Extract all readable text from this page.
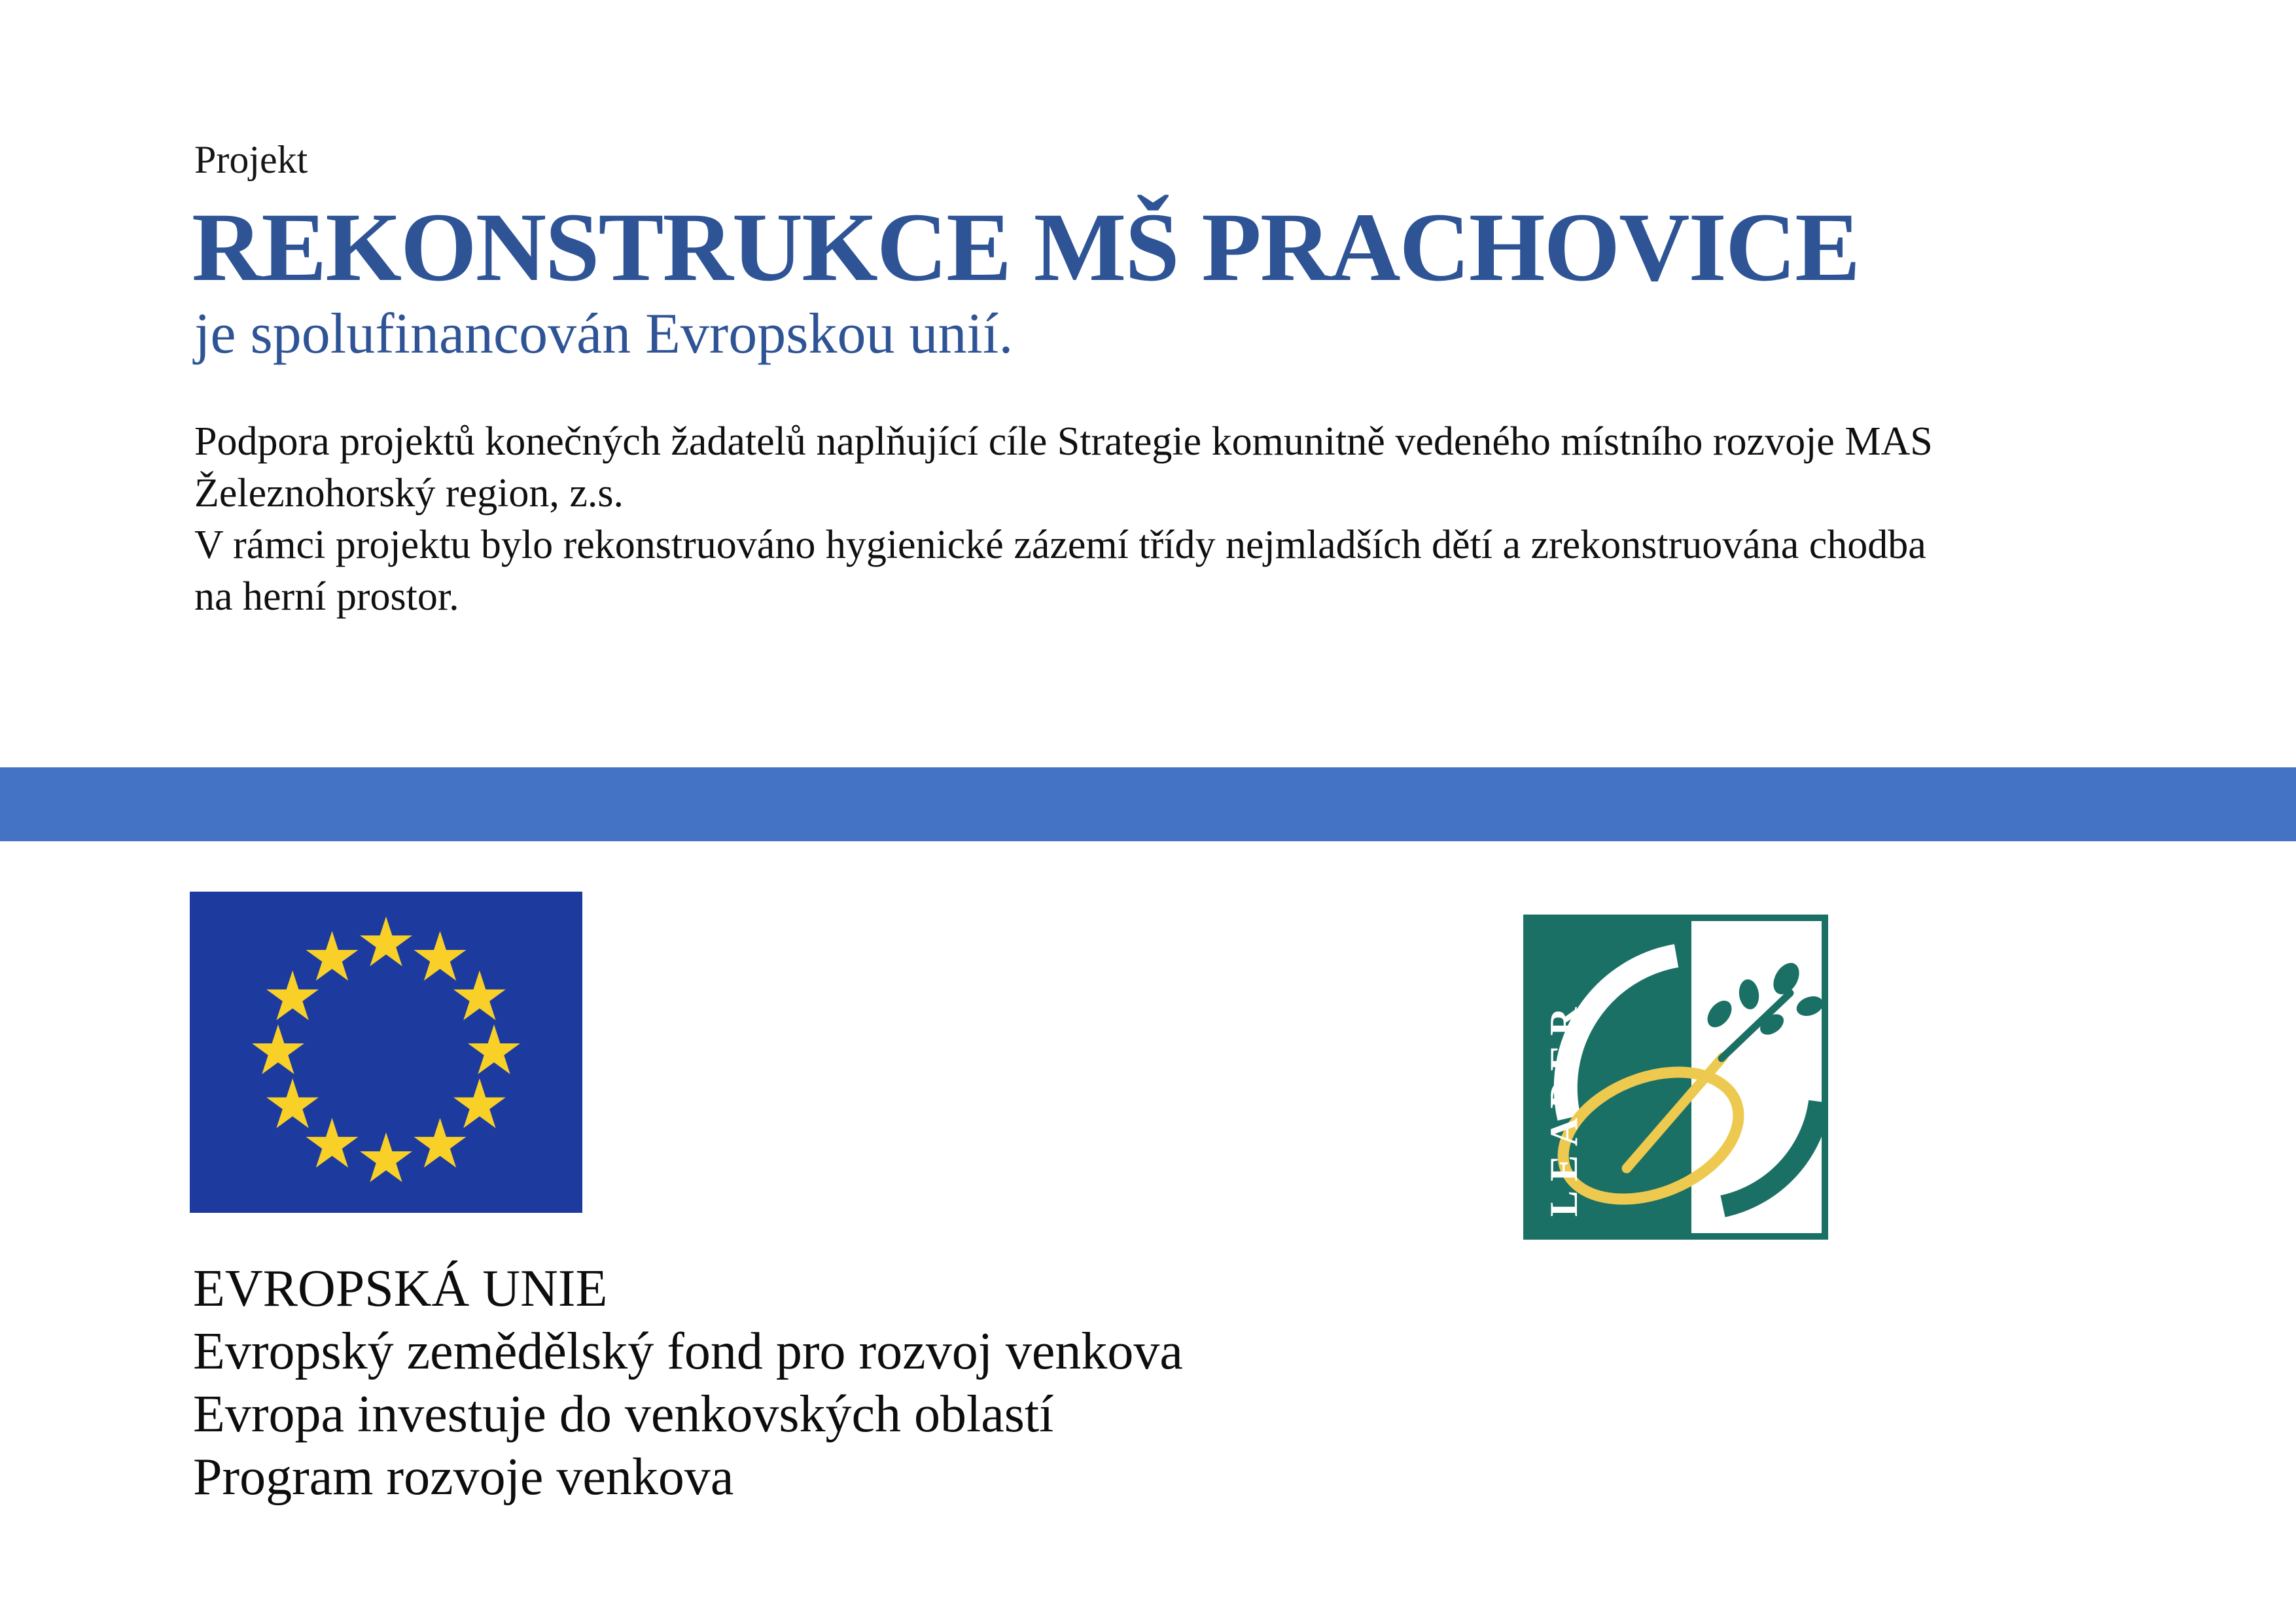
Projekt
REKONSTRUKCE MŠ PRACHOVICE
je spolufinancován Evropskou unií.
Podpora projektů konečných žadatelů naplňující cíle Strategie komunitně vedeného místního rozvoje MAS
Železnohorský region, z.s.
V rámci projektu bylo rekonstruováno hygienické zázemí třídy nejmladších dětí a zrekonstruována chodba
na herní prostor.
LEADER
EVROPSKÁ UNIE
Evropský zemědělský fond pro rozvoj venkova
Evropa investuje do venkovských oblastí
Program rozvoje venkova
